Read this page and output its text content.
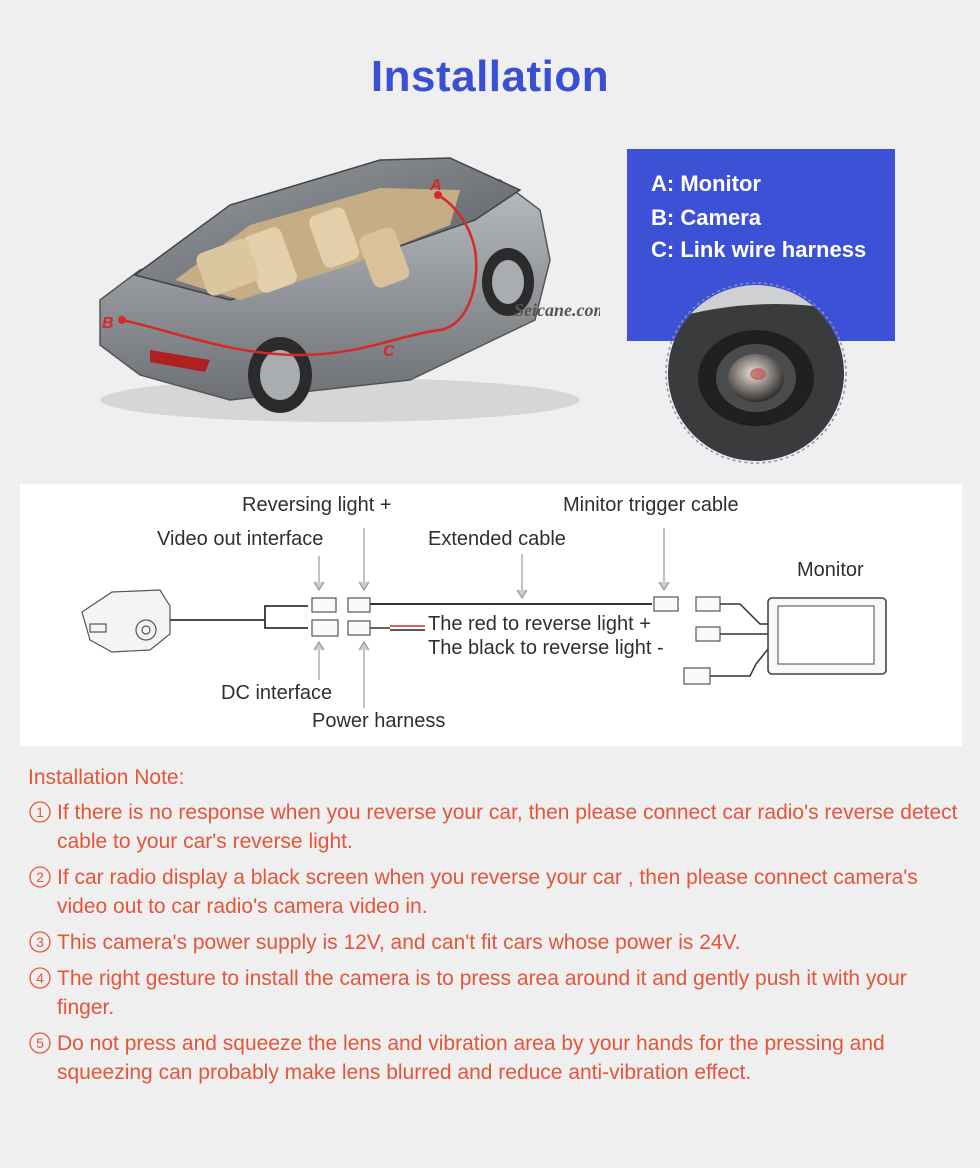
Installation
A
B
C
Seicane.com
A: Monitor
B: Camera
C: Link wire harness
Reversing light +	Minitor trigger cable
Video out interface	Extended cable
Monitor
The red to reverse light +
The black to reverse light -
DC interface
Power harness
Installation Note:
1 If there is no response when you reverse your car, then please connect car radio's reverse detect cable to your car's reverse light.
2 If car radio display a black screen when you reverse your car , then please connect camera's video out to car radio's camera video in.
3 This camera's power supply is 12V, and can't fit cars whose power is 24V.
4 The right gesture to install the camera is to press area around it and gently push it with your finger.
5 Do not press and squeeze the lens and vibration area by your hands for the pressing and squeezing can probably make lens blurred and reduce anti-vibration effect.
